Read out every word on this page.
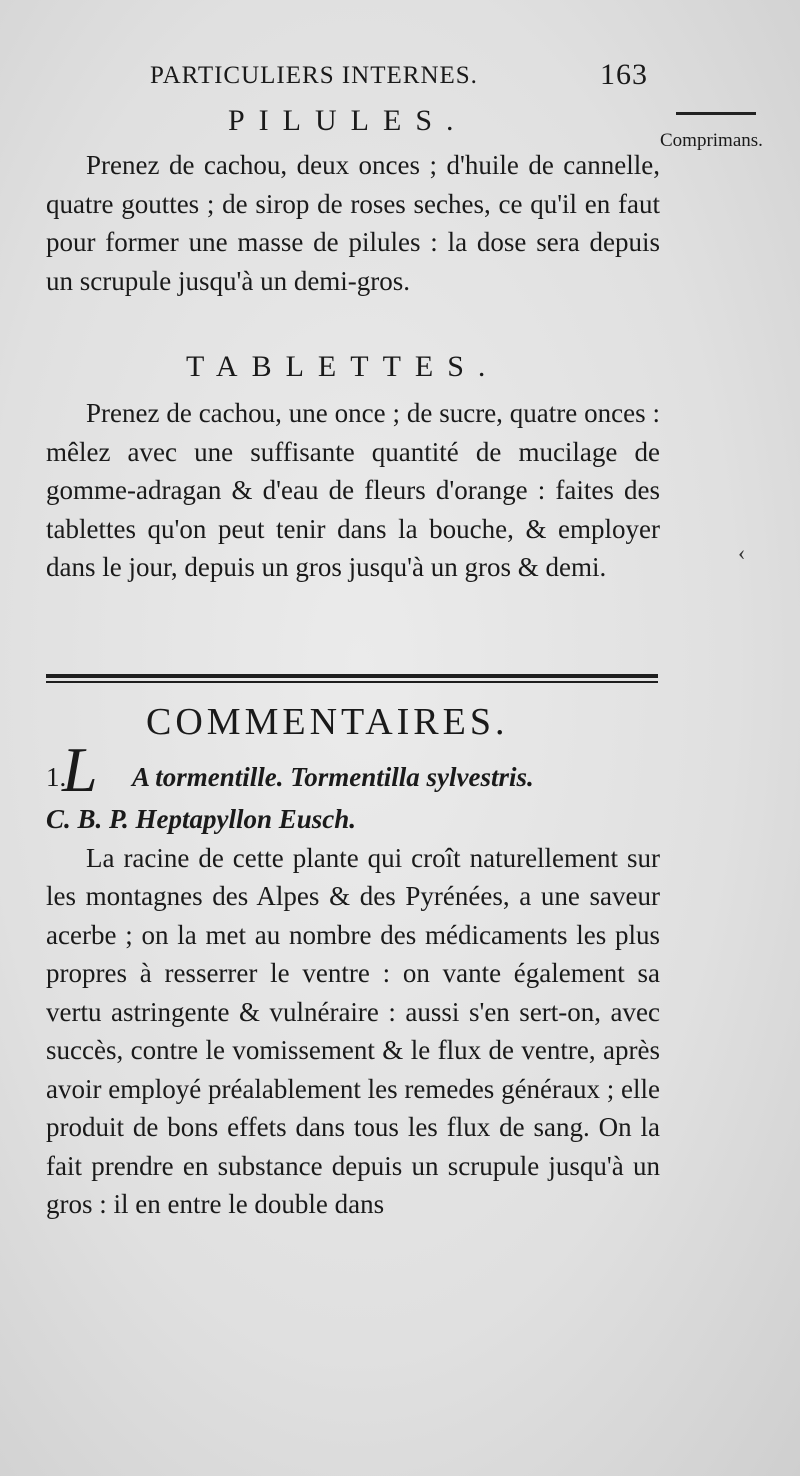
PARTICULIERS INTERNES.	163
Comprimans.
PILULES.

Prenez de cachou, deux onces ; d'huile de cannelle, quatre gouttes ; de sirop de roses seches, ce qu'il en faut pour former une masse de pilules : la dose sera depuis un scrupule jusqu'à un demi-gros.

TABLETTES.

Prenez de cachou, une once ; de sucre, quatre onces : mêlez avec une suffisante quantité de mucilage de gomme-adragan & d'eau de fleurs d'orange : faites des tablettes qu'on peut tenir dans la bouche, & employer dans le jour, depuis un gros jusqu'à un gros & demi.	‹
COMMENTAIRES.
1.
L A tormentille. Tormentilla sylvestris.

C. B. P. Heptapyllon Eusch.

La racine de cette plante qui croît naturellement sur les montagnes des Alpes & des Pyrénées, a une saveur acerbe ; on la met au nombre des médicaments les plus propres à resserrer le ventre : on vante également sa vertu astringente & vulnéraire : aussi s'en sert-on, avec succès, contre le vomissement & le flux de ventre, après avoir employé préalablement les remedes généraux ; elle produit de bons effets dans tous les flux de sang. On la fait prendre en substance depuis un scrupule jusqu'à un gros : il en entre le double dans
